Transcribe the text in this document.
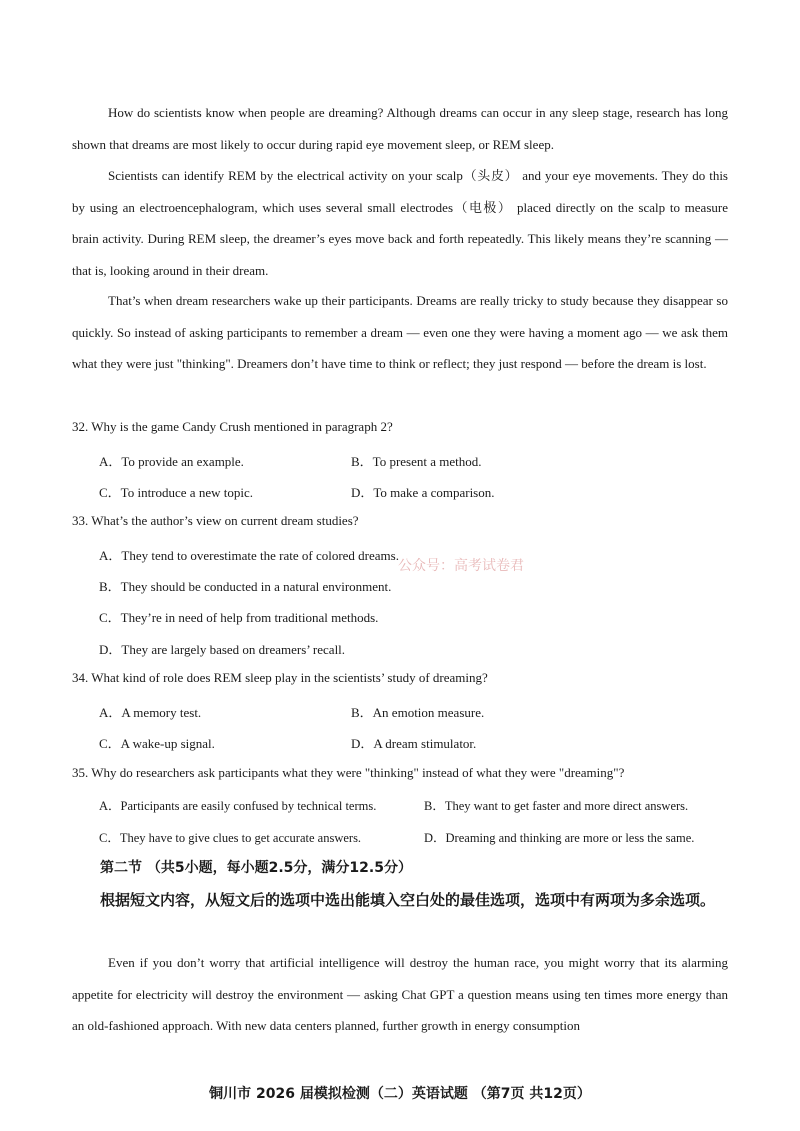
How do scientists know when people are dreaming? Although dreams can occur in any sleep stage, research has long shown that dreams are most likely to occur during rapid eye movement sleep, or REM sleep.

Scientists can identify REM by the electrical activity on your scalp（头皮） and your eye movements. They do this by using an electroencephalogram, which uses several small electrodes（电极） placed directly on the scalp to measure brain activity. During REM sleep, the dreamer’s eyes move back and forth repeatedly. This likely means they’re scanning — that is, looking around in their dream.

That’s when dream researchers wake up their participants. Dreams are really tricky to study because they disappear so quickly. So instead of asking participants to remember a dream — even one they were having a moment ago — we ask them what they were just "thinking". Dreamers don’t have time to think or reflect; they just respond — before the dream is lost.

32. Why is the game Candy Crush mentioned in paragraph 2?
A．To provide an example.	B．To present a method.
C．To introduce a new topic.	D．To make a comparison.
33. What’s the author’s view on current dream studies?
A．They tend to overestimate the rate of colored dreams.
B．They should be conducted in a natural environment.
C．They’re in need of help from traditional methods.
D．They are largely based on dreamers’ recall.
34. What kind of role does REM sleep play in the scientists’ study of dreaming?
A．A memory test.	B．An emotion measure.
C．A wake-up signal.	D．A dream stimulator.
35. Why do researchers ask participants what they were "thinking" instead of what they were "dreaming"?
A．Participants are easily confused by technical terms.	B．They want to get faster and more direct answers.
C．They have to give clues to get accurate answers.	D．Dreaming and thinking are more or less the same.
第二节 （共5小题，每小题2.5分，满分12.5分）

根据短文内容，从短文后的选项中选出能填入空白处的最佳选项，选项中有两项为多余选项。

Even if you don’t worry that artificial intelligence will destroy the human race, you might worry that its alarming appetite for electricity will destroy the environment — asking Chat GPT a question means using ten times more energy than an old-fashioned approach. With new data centers planned, further growth in energy consumption

公众号：高考试卷君
铜川市 2026 届模拟检测（二）英语试题 （第7页 共12页）
